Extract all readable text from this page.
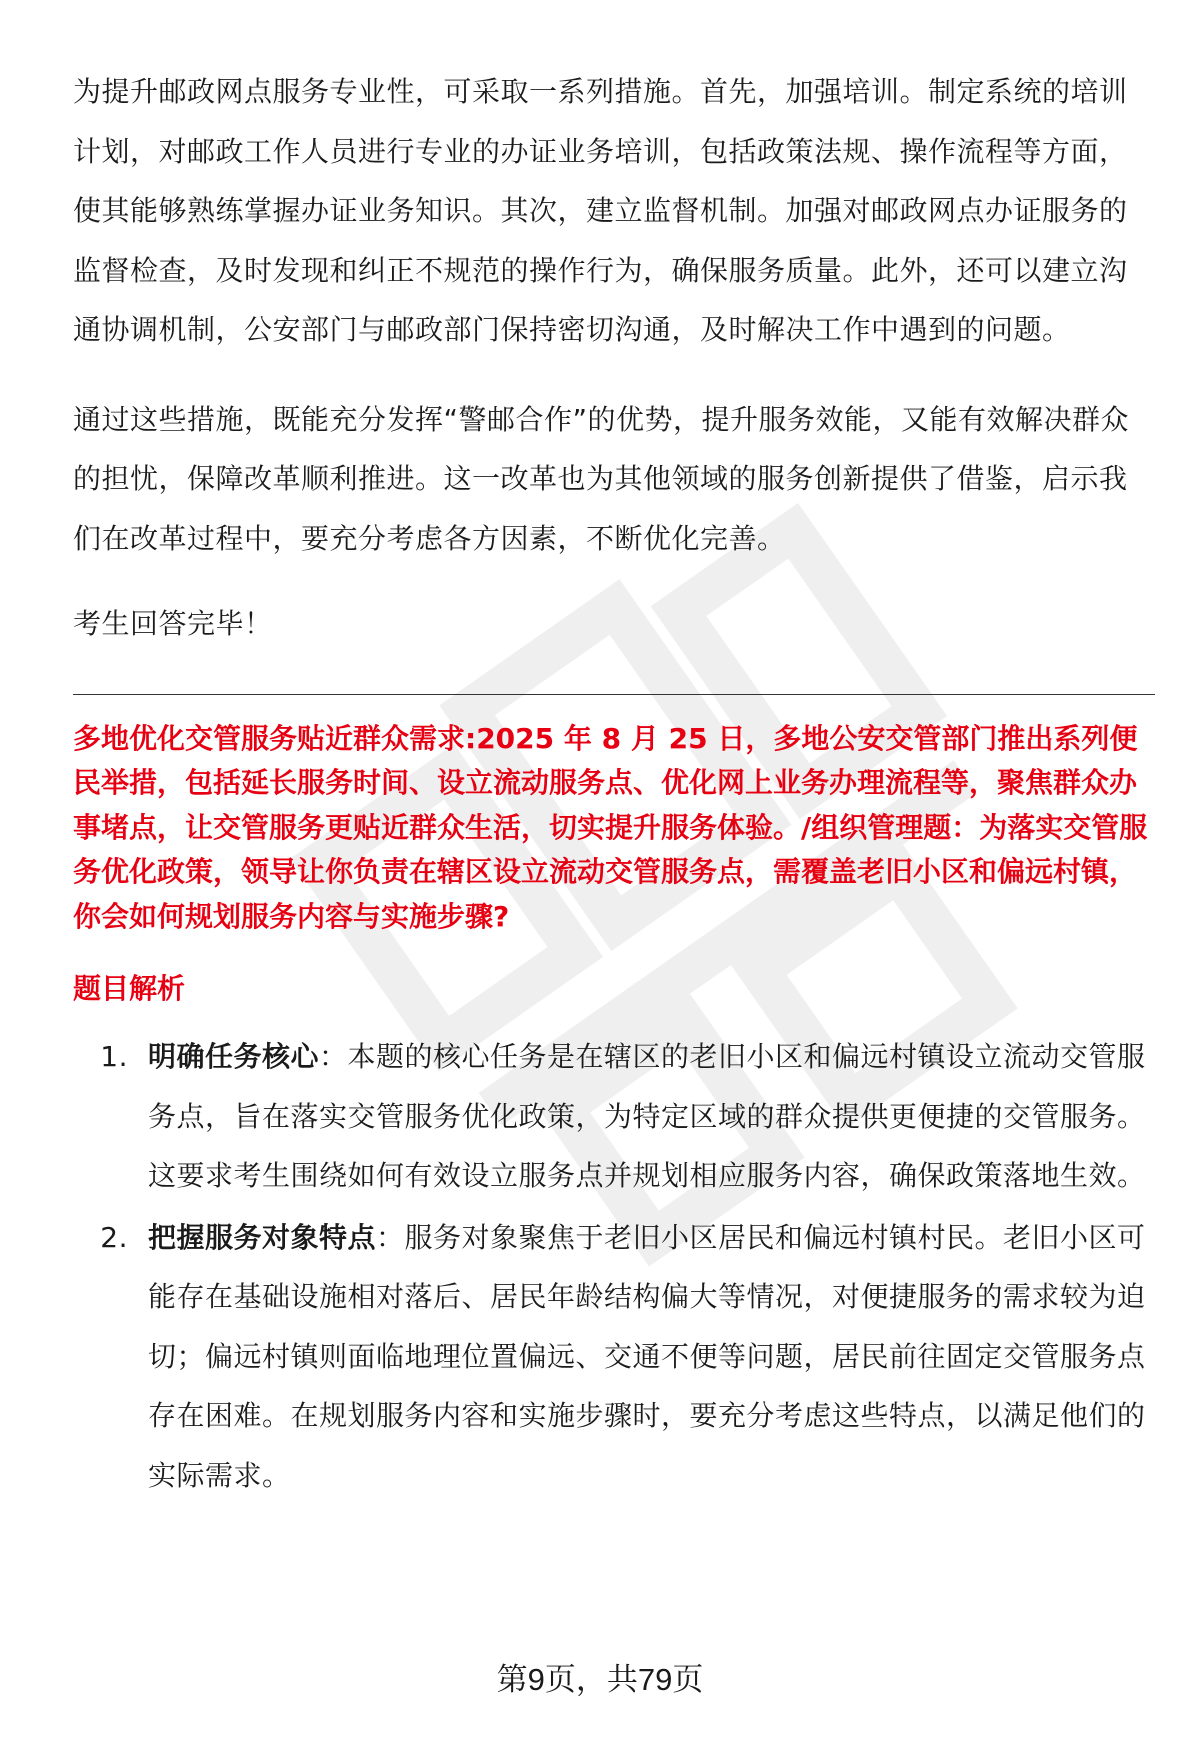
为提升邮政网点服务专业性，可采取一系列措施。首先，加强培训。制定系统的培训计划，对邮政工作人员进行专业的办证业务培训，包括政策法规、操作流程等方面，使其能够熟练掌握办证业务知识。其次，建立监督机制。加强对邮政网点办证服务的监督检查，及时发现和纠正不规范的操作行为，确保服务质量。此外，还可以建立沟通协调机制，公安部门与邮政部门保持密切沟通，及时解决工作中遇到的问题。

通过这些措施，既能充分发挥“警邮合作”的优势，提升服务效能，又能有效解决群众的担忧，保障改革顺利推进。这一改革也为其他领域的服务创新提供了借鉴，启示我们在改革过程中，要充分考虑各方因素，不断优化完善。

考生回答完毕！

多地优化交管服务贴近群众需求:2025 年 8 月 25 日，多地公安交管部门推出系列便民举措，包括延长服务时间、设立流动服务点、优化网上业务办理流程等，聚焦群众办事堵点，让交管服务更贴近群众生活，切实提升服务体验。/组织管理题：为落实交管服务优化政策，领导让你负责在辖区设立流动交管服务点，需覆盖老旧小区和偏远村镇，你会如何规划服务内容与实施步骤?

题目解析
1. 明确任务核心：本题的核心任务是在辖区的老旧小区和偏远村镇设立流动交管服务点，旨在落实交管服务优化政策，为特定区域的群众提供更便捷的交管服务。这要求考生围绕如何有效设立服务点并规划相应服务内容，确保政策落地生效。
2. 把握服务对象特点：服务对象聚焦于老旧小区居民和偏远村镇村民。老旧小区可能存在基础设施相对落后、居民年龄结构偏大等情况，对便捷服务的需求较为迫切；偏远村镇则面临地理位置偏远、交通不便等问题，居民前往固定交管服务点存在困难。在规划服务内容和实施步骤时，要充分考虑这些特点，以满足他们的实际需求。
第9页，共79页
